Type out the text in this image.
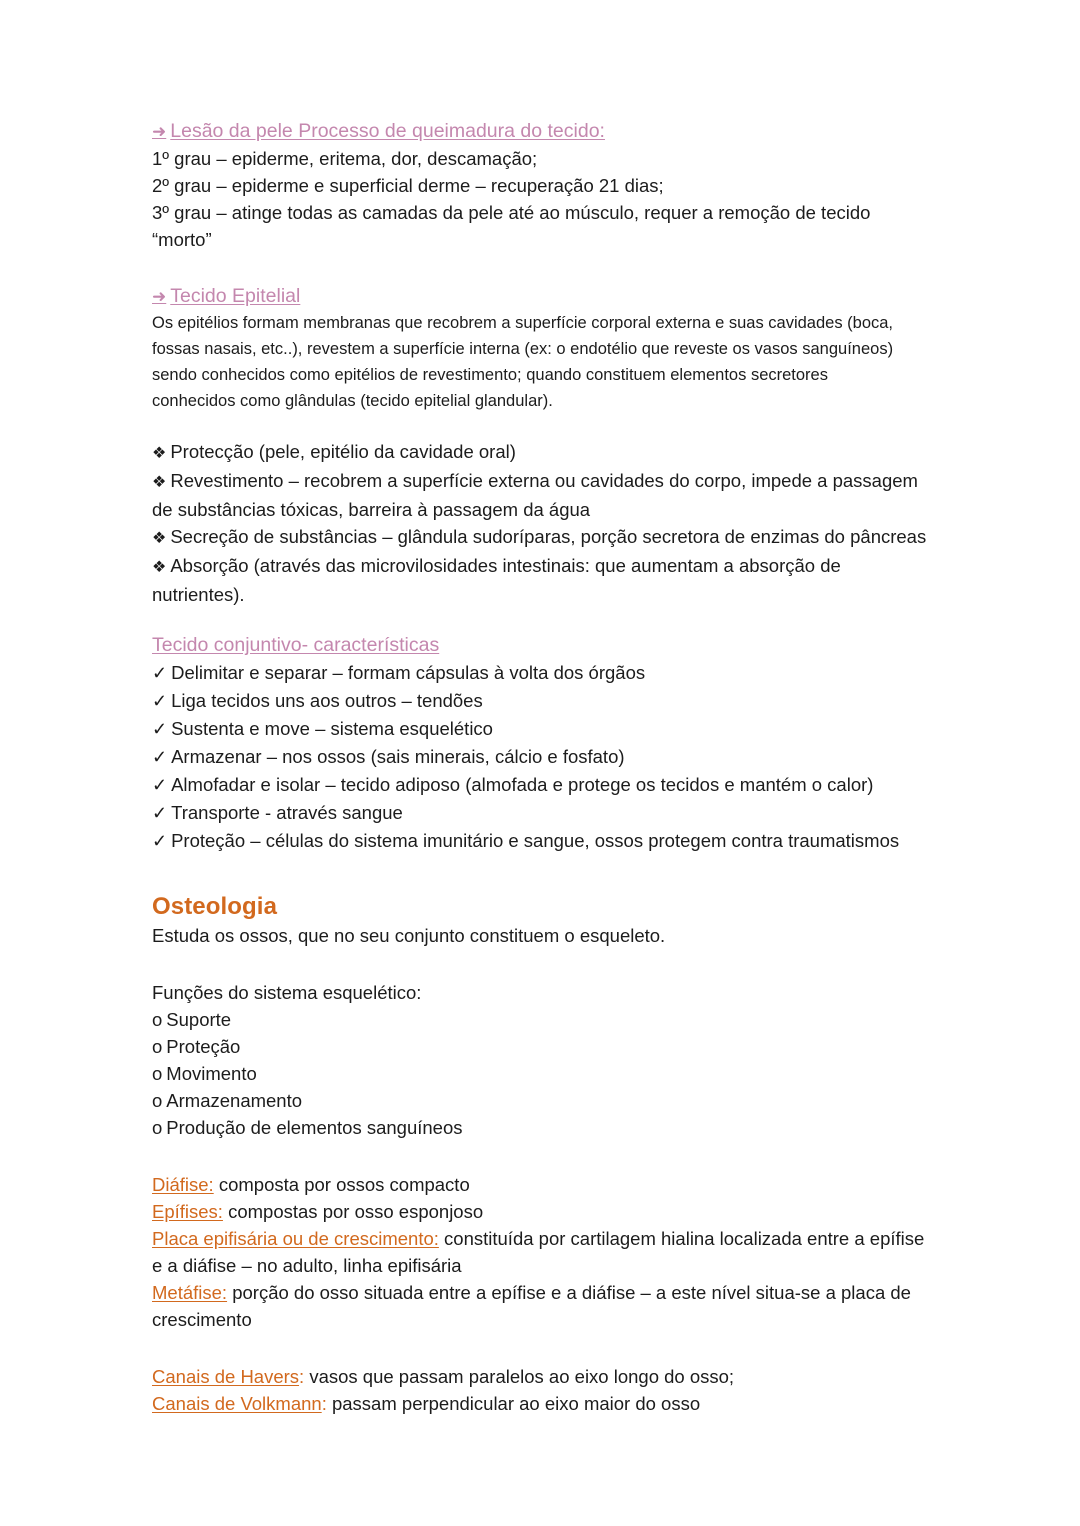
➜ Lesão da pele Processo de queimadura do tecido:
1º grau – epiderme, eritema, dor, descamação;
2º grau – epiderme e superficial derme – recuperação 21 dias;
3º grau – atinge todas as camadas da pele até ao músculo, requer a remoção de tecido “morto”
➜ Tecido Epitelial
Os epitélios formam membranas que recobrem a superfície corporal externa e suas cavidades (boca, fossas nasais, etc..), revestem a superfície interna (ex: o endotélio que reveste os vasos sanguíneos) sendo conhecidos como epitélios de revestimento; quando constituem elementos secretores conhecidos como glândulas (tecido epitelial glandular).
❖ Protecção (pele, epitélio da cavidade oral)
❖ Revestimento – recobrem a superfície externa ou cavidades do corpo, impede a passagem de substâncias tóxicas, barreira à passagem da água
❖ Secreção de substâncias – glândula sudoríparas, porção secretora de enzimas do pâncreas
❖ Absorção (através das microvilosidades intestinais: que aumentam a absorção de nutrientes).
Tecido conjuntivo- características
✓ Delimitar e separar – formam cápsulas à volta dos órgãos
✓ Liga tecidos uns aos outros – tendões
✓ Sustenta e move – sistema esquelético
✓ Armazenar – nos ossos (sais minerais, cálcio e fosfato)
✓ Almofadar e isolar – tecido adiposo (almofada e protege os tecidos e mantém o calor)
✓ Transporte - através sangue
✓ Proteção – células do sistema imunitário e sangue, ossos protegem contra traumatismos
Osteologia
Estuda os ossos, que no seu conjunto constituem o esqueleto.
Funções do sistema esquelético:
o Suporte
o Proteção
o Movimento
o Armazenamento
o Produção de elementos sanguíneos
Diáfise: composta por ossos compacto
Epífises: compostas por osso esponjoso
Placa epifisária ou de crescimento: constituída por cartilagem hialina localizada entre a epífise e a diáfise – no adulto, linha epifisária
Metáfise: porção do osso situada entre a epífise e a diáfise – a este nível situa-se a placa de crescimento
Canais de Havers: vasos que passam paralelos ao eixo longo do osso;
Canais de Volkmann: passam perpendicular ao eixo maior do osso
